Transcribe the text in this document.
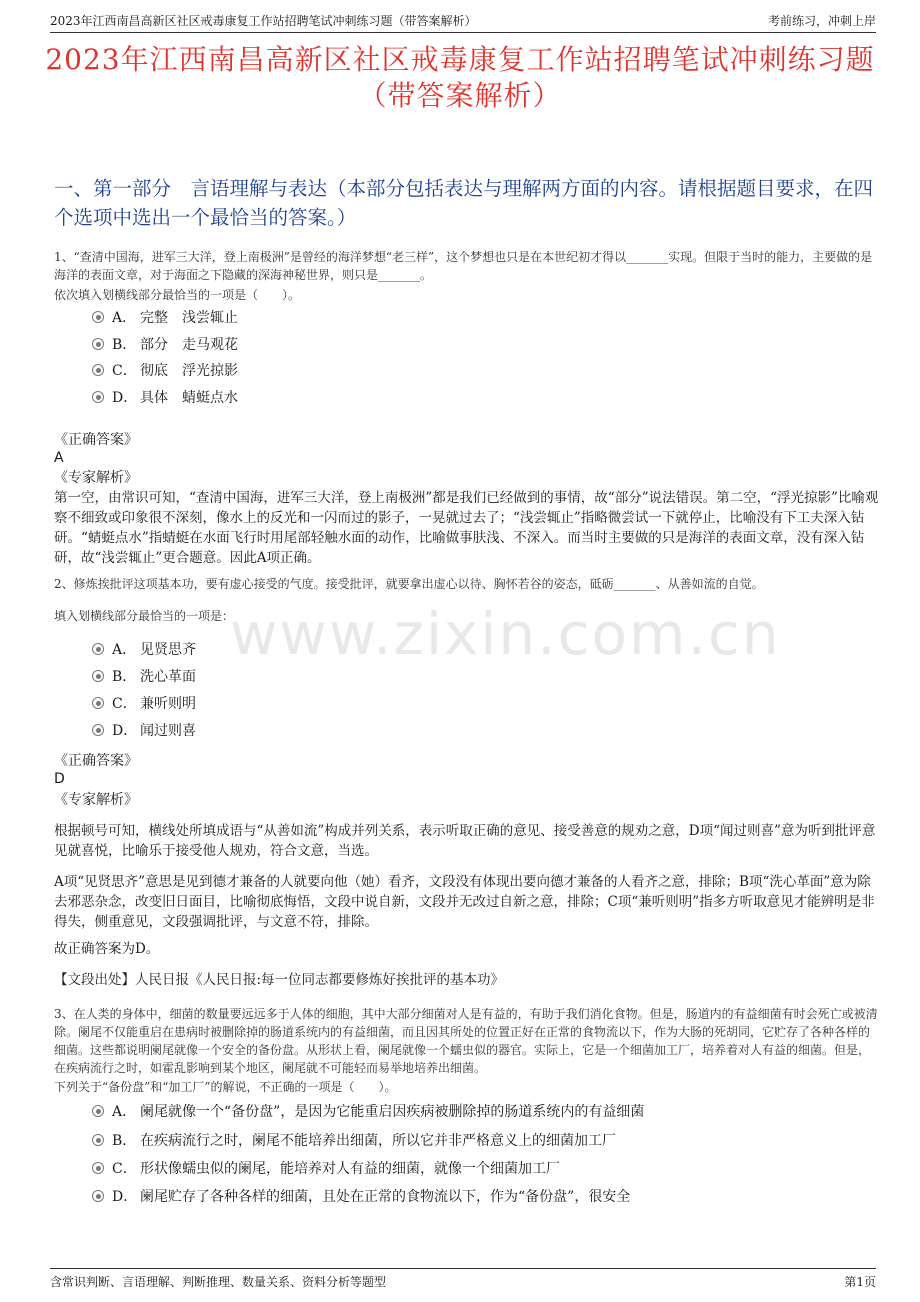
2023年江西南昌高新区社区戒毒康复工作站招聘笔试冲刺练习题（带答案解析）	考前练习，冲刺上岸
2023年江西南昌高新区社区戒毒康复工作站招聘笔试冲刺练习题（带答案解析）
一、第一部分　言语理解与表达（本部分包括表达与理解两方面的内容。请根据题目要求，在四个选项中选出一个最恰当的答案。）
www.zixin.com.cn
1、“查清中国海，进军三大洋，登上南极洲”是曾经的海洋梦想“老三样”，这个梦想也只是在本世纪初才得以_______实现。但限于当时的能力，主要做的是海洋的表面文章，对于海面之下隐藏的深海神秘世界，则只是_______。
依次填入划横线部分最恰当的一项是（　　）。
A． 完整　浅尝辄止
B． 部分　走马观花
C． 彻底　浮光掠影
D． 具体　蜻蜓点水
《正确答案》
A
《专家解析》
第一空，由常识可知，“查清中国海，进军三大洋，登上南极洲”都是我们已经做到的事情，故“部分”说法错误。第二空，“浮光掠影”比喻观察不细致或印象很不深刻，像水上的反光和一闪而过的影子，一晃就过去了；“浅尝辄止”指略微尝试一下就停止，比喻没有下工夫深入钻研。“蜻蜓点水”指蜻蜓在水面飞行时用尾部轻触水面的动作，比喻做事肤浅、不深入。而当时主要做的只是海洋的表面文章，没有深入钻研，故“浅尝辄止”更合题意。因此A项正确。
2、修炼挨批评这项基本功，要有虚心接受的气度。接受批评，就要拿出虚心以待、胸怀若谷的姿态，砥砺_______、从善如流的自觉。
填入划横线部分最恰当的一项是：
A． 见贤思齐
B． 洗心革面
C． 兼听则明
D． 闻过则喜
《正确答案》
D
《专家解析》
根据顿号可知，横线处所填成语与“从善如流”构成并列关系，表示听取正确的意见、接受善意的规劝之意，D项“闻过则喜”意为听到批评意见就喜悦，比喻乐于接受他人规劝，符合文意，当选。
A项“见贤思齐”意思是见到德才兼备的人就要向他（她）看齐，文段没有体现出要向德才兼备的人看齐之意，排除；B项“洗心革面”意为除去邪恶杂念，改变旧日面目，比喻彻底悔悟，文段中说自新，文段并无改过自新之意，排除；C项“兼听则明”指多方听取意见才能辨明是非得失，侧重意见，文段强调批评，与文意不符，排除。
故正确答案为D。
【文段出处】人民日报《人民日报:每一位同志都要修炼好挨批评的基本功》
3、在人类的身体中，细菌的数量要远远多于人体的细胞，其中大部分细菌对人是有益的，有助于我们消化食物。但是，肠道内的有益细菌有时会死亡或被清除。阑尾不仅能重启在患病时被删除掉的肠道系统内的有益细菌，而且因其所处的位置正好在正常的食物流以下，作为大肠的死胡同，它贮存了各种各样的细菌。这些都说明阑尾就像一个安全的备份盘。从形状上看，阑尾就像一个蠕虫似的器官。实际上，它是一个细菌加工厂，培养着对人有益的细菌。但是，在疾病流行之时，如霍乱影响到某个地区，阑尾就不可能轻而易举地培养出细菌。
下列关于“备份盘”和“加工厂”的解说，不正确的一项是（　　）。
A． 阑尾就像一个“备份盘”，是因为它能重启因疾病被删除掉的肠道系统内的有益细菌
B． 在疾病流行之时，阑尾不能培养出细菌，所以它并非严格意义上的细菌加工厂
C． 形状像蠕虫似的阑尾，能培养对人有益的细菌，就像一个细菌加工厂
D． 阑尾贮存了各种各样的细菌，且处在正常的食物流以下，作为“备份盘”，很安全
含常识判断、言语理解、判断推理、数量关系、资料分析等题型	第1页
